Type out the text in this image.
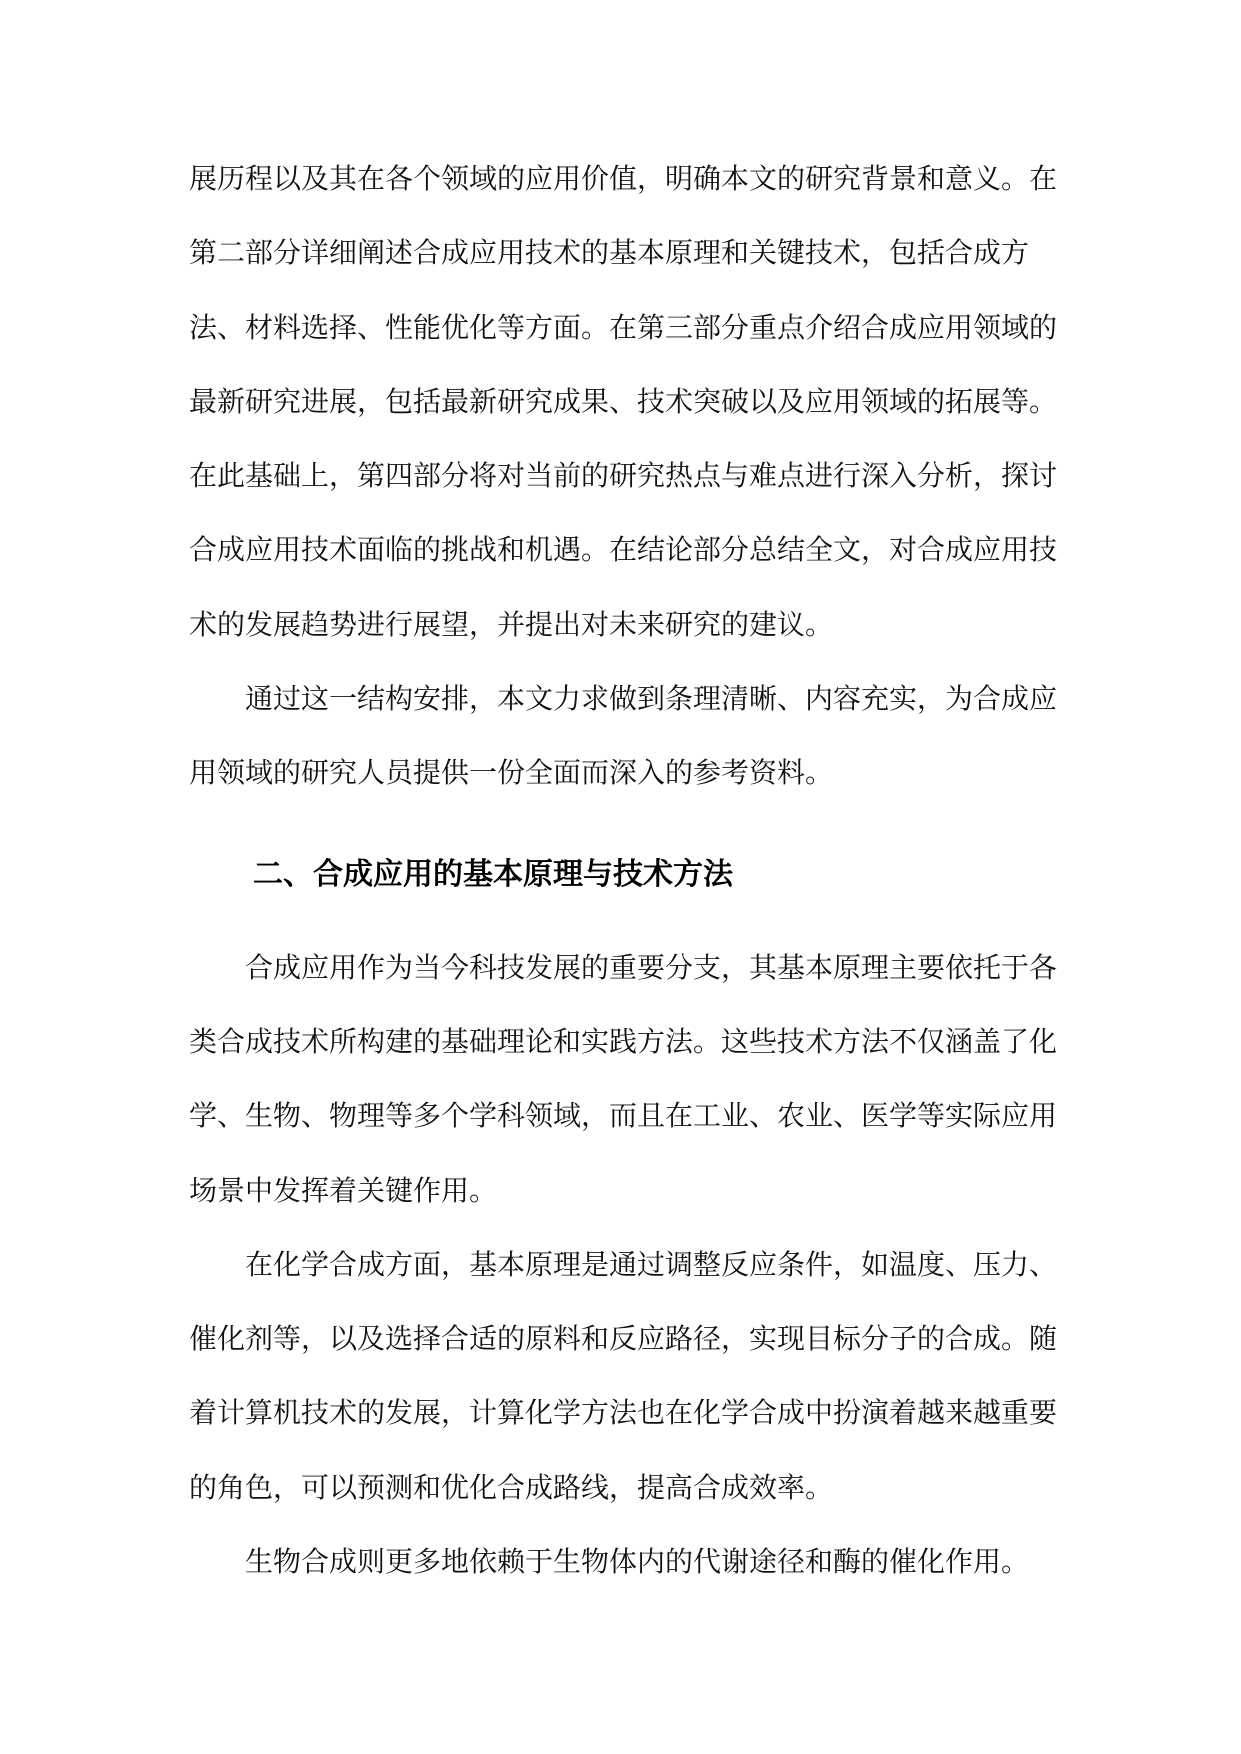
展历程以及其在各个领域的应用价值，明确本文的研究背景和意义。在第二部分详细阐述合成应用技术的基本原理和关键技术，包括合成方法、材料选择、性能优化等方面。在第三部分重点介绍合成应用领域的最新研究进展，包括最新研究成果、技术突破以及应用领域的拓展等。在此基础上，第四部分将对当前的研究热点与难点进行深入分析，探讨合成应用技术面临的挑战和机遇。在结论部分总结全文，对合成应用技术的发展趋势进行展望，并提出对未来研究的建议。

通过这一结构安排，本文力求做到条理清晰、内容充实，为合成应用领域的研究人员提供一份全面而深入的参考资料。

二、合成应用的基本原理与技术方法

合成应用作为当今科技发展的重要分支，其基本原理主要依托于各类合成技术所构建的基础理论和实践方法。这些技术方法不仅涵盖了化学、生物、物理等多个学科领域，而且在工业、农业、医学等实际应用场景中发挥着关键作用。

在化学合成方面，基本原理是通过调整反应条件，如温度、压力、催化剂等，以及选择合适的原料和反应路径，实现目标分子的合成。随着计算机技术的发展，计算化学方法也在化学合成中扮演着越来越重要的角色，可以预测和优化合成路线，提高合成效率。

生物合成则更多地依赖于生物体内的代谢途径和酶的催化作用。
